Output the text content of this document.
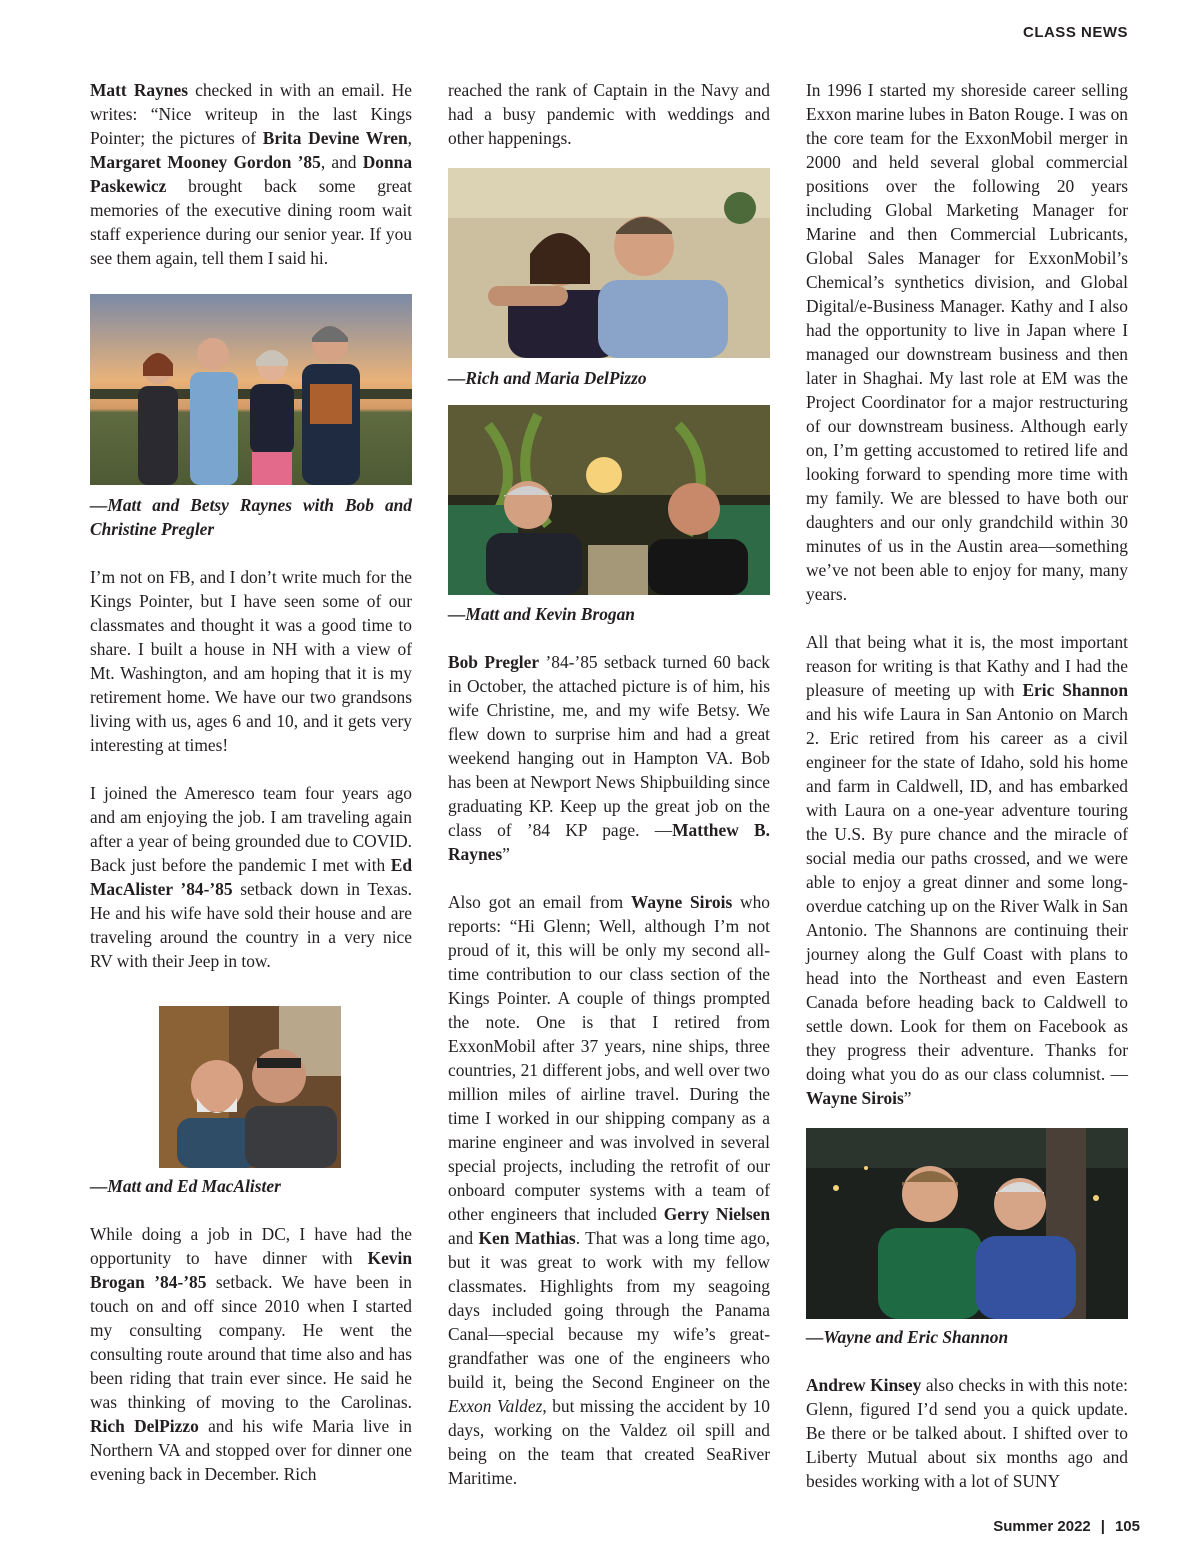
CLASS NEWS

Matt Raynes checked in with an email. He writes: “Nice writeup in the last Kings Pointer; the pictures of Brita Devine Wren, Margaret Mooney Gordon ’85, and Donna Paskewicz brought back some great memories of the executive dining room wait staff experience during our senior year. If you see them again, tell them I said hi.

—Matt and Betsy Raynes with Bob and Christine Pregler

I’m not on FB, and I don’t write much for the Kings Pointer, but I have seen some of our classmates and thought it was a good time to share. I built a house in NH with a view of Mt. Washington, and am hoping that it is my retirement home. We have our two grandsons living with us, ages 6 and 10, and it gets very interesting at times!

I joined the Ameresco team four years ago and am enjoying the job. I am traveling again after a year of being grounded due to COVID. Back just before the pandemic I met with Ed MacAlister ’84-’85 setback down in Texas. He and his wife have sold their house and are traveling around the country in a very nice RV with their Jeep in tow.

—Matt and Ed MacAlister

While doing a job in DC, I have had the opportunity to have dinner with Kevin Brogan ’84-’85 setback. We have been in touch on and off since 2010 when I started my consulting company. He went the consulting route around that time also and has been riding that train ever since. He said he was thinking of moving to the Carolinas. Rich DelPizzo and his wife Maria live in Northern VA and stopped over for dinner one evening back in December. Rich

reached the rank of Captain in the Navy and had a busy pandemic with weddings and other happenings.

—Rich and Maria DelPizzo

—Matt and Kevin Brogan

Bob Pregler ’84-’85 setback turned 60 back in October, the attached picture is of him, his wife Christine, me, and my wife Betsy. We flew down to surprise him and had a great weekend hanging out in Hampton VA. Bob has been at Newport News Shipbuilding since graduating KP. Keep up the great job on the class of ’84 KP page. —Matthew B. Raynes”

Also got an email from Wayne Sirois who reports: “Hi Glenn; Well, although I’m not proud of it, this will be only my second all-time contribution to our class section of the Kings Pointer. A couple of things prompted the note. One is that I retired from ExxonMobil after 37 years, nine ships, three countries, 21 different jobs, and well over two million miles of airline travel. During the time I worked in our shipping company as a marine engineer and was involved in several special projects, including the retrofit of our onboard computer systems with a team of other engineers that included Gerry Nielsen and Ken Mathias. That was a long time ago, but it was great to work with my fellow classmates. Highlights from my seagoing days included going through the Panama Canal—special because my wife’s great-grandfather was one of the engineers who build it, being the Second Engineer on the Exxon Valdez, but missing the accident by 10 days, working on the Valdez oil spill and being on the team that created SeaRiver Maritime.

In 1996 I started my shoreside career selling Exxon marine lubes in Baton Rouge. I was on the core team for the ExxonMobil merger in 2000 and held several global commercial positions over the following 20 years including Global Marketing Manager for Marine and then Commercial Lubricants, Global Sales Manager for ExxonMobil’s Chemical’s synthetics division, and Global Digital/e-Business Manager. Kathy and I also had the opportunity to live in Japan where I managed our downstream business and then later in Shaghai. My last role at EM was the Project Coordinator for a major restructuring of our downstream business. Although early on, I’m getting accustomed to retired life and looking forward to spending more time with my family. We are blessed to have both our daughters and our only grandchild within 30 minutes of us in the Austin area—something we’ve not been able to enjoy for many, many years.

All that being what it is, the most important reason for writing is that Kathy and I had the pleasure of meeting up with Eric Shannon and his wife Laura in San Antonio on March 2. Eric retired from his career as a civil engineer for the state of Idaho, sold his home and farm in Caldwell, ID, and has embarked with Laura on a one-year adventure touring the U.S. By pure chance and the miracle of social media our paths crossed, and we were able to enjoy a great dinner and some long-overdue catching up on the River Walk in San Antonio. The Shannons are continuing their journey along the Gulf Coast with plans to head into the Northeast and even Eastern Canada before heading back to Caldwell to settle down. Look for them on Facebook as they progress their adventure. Thanks for doing what you do as our class columnist. —Wayne Sirois”

—Wayne and Eric Shannon

Andrew Kinsey also checks in with this note: Glenn, figured I’d send you a quick update. Be there or be talked about. I shifted over to Liberty Mutual about six months ago and besides working with a lot of SUNY

Summer 2022 | 105
